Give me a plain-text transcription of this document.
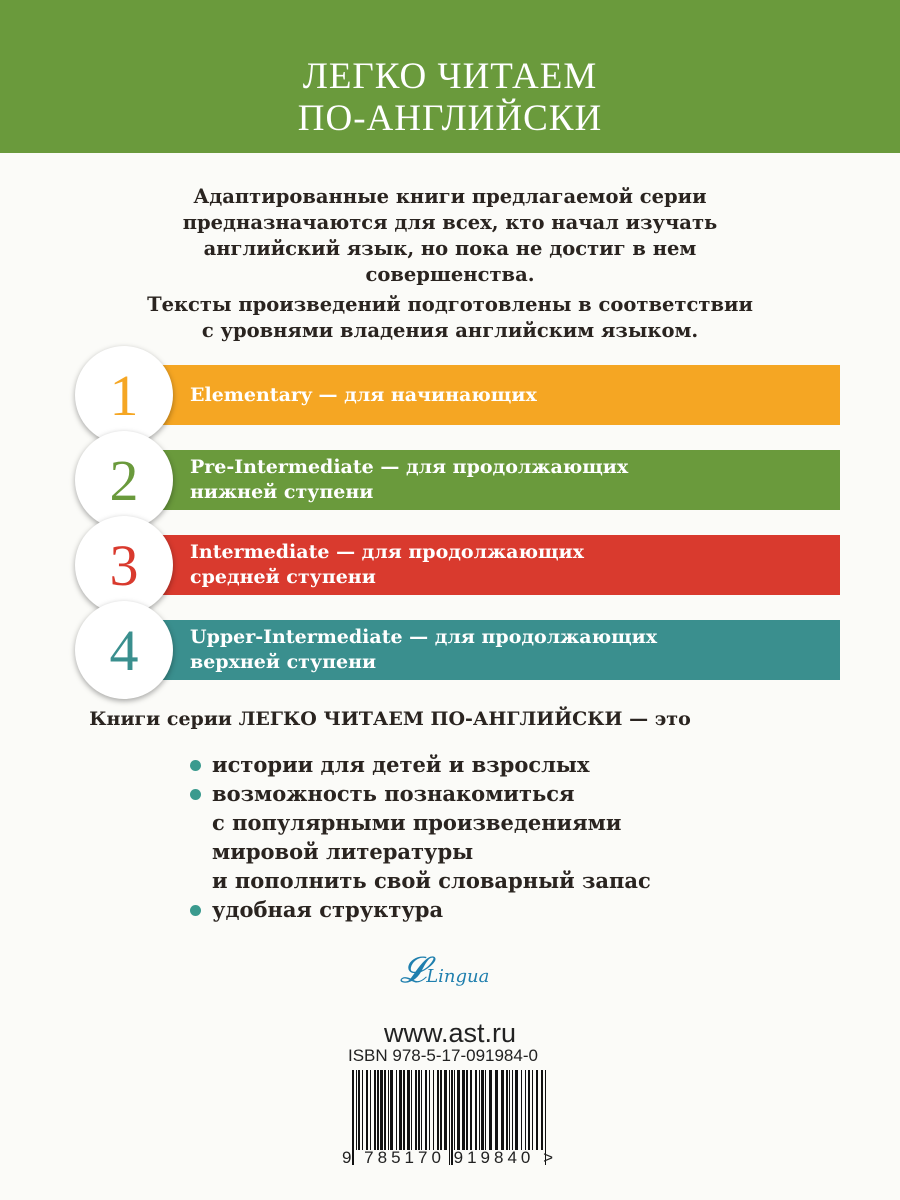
ЛЕГКО ЧИТАЕМ
ПО-АНГЛИЙСКИ
Адаптированные книги предлагаемой серии
предназначаются для всех, кто начал изучать
английский язык, но пока не достиг в нем
совершенства.
Тексты произведений подготовлены в соответствии
с уровнями владения английским языком.
Elementary — для начинающих
1
Pre-Intermediate — для продолжающих
нижней ступени
2
Intermediate — для продолжающих
средней ступени
3
Upper-Intermediate — для продолжающих
верхней ступени
4
Книги серии ЛЕГКО ЧИТАЕМ ПО-АНГЛИЙСКИ — это
истории для детей и взрослых
возможность познакомиться
с популярными произведениями
мировой литературы
и пополнить свой словарный запас
удобная структура
𝓛Lingua
www.ast.ru
ISBN 978-5-17-091984-0
9 785170 919840 >
